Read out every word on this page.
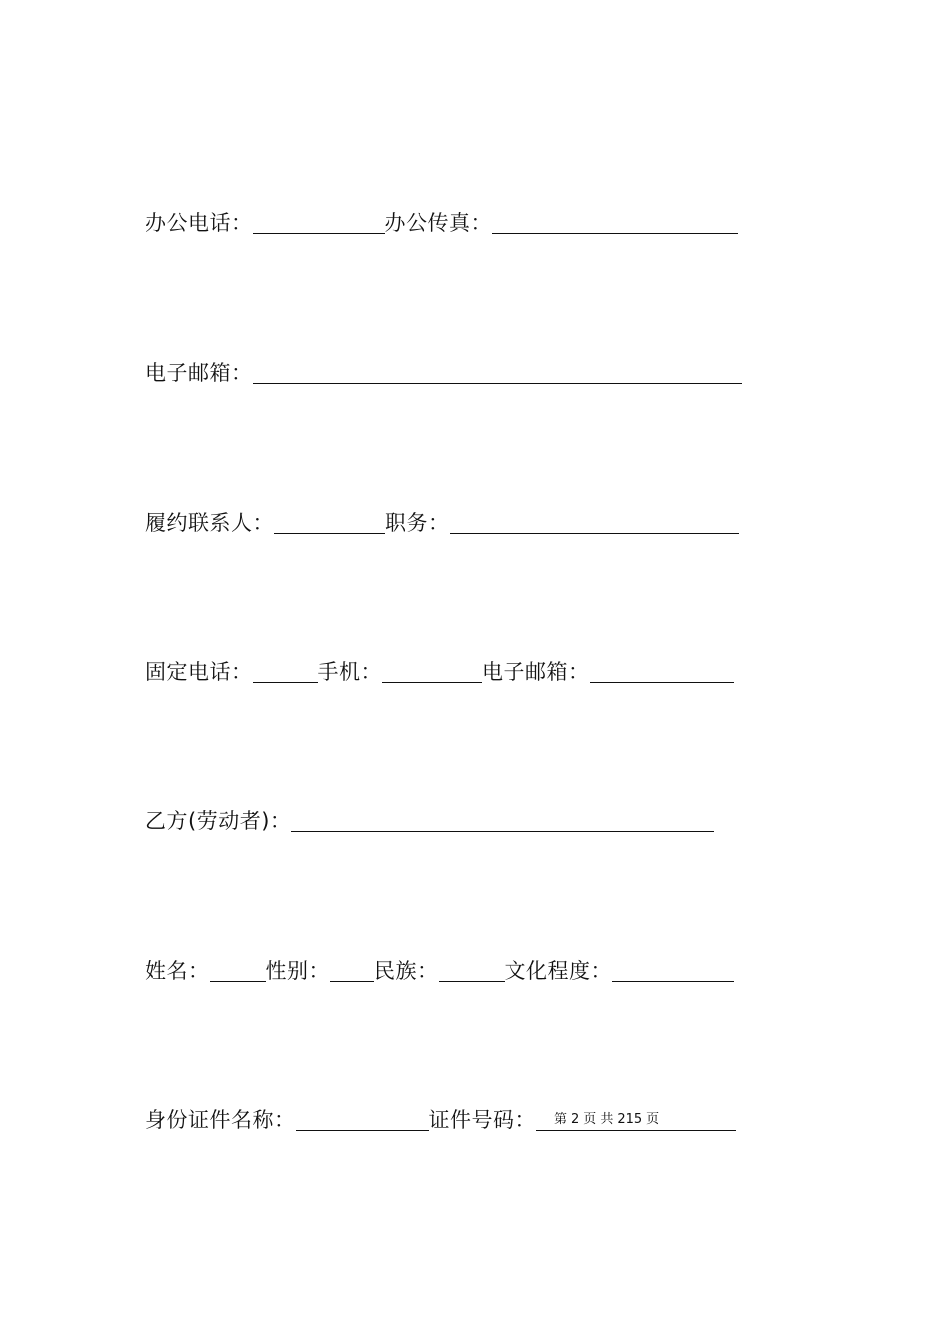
办公电话：	办公传真：
电子邮箱：
履约联系人：	职务：
固定电话：	手机：	电子邮箱：
乙方(劳动者)：
姓名：	性别： 民族：	文化程度：
身份证件名称：	证件号码： 第 2 页 共 215 页
